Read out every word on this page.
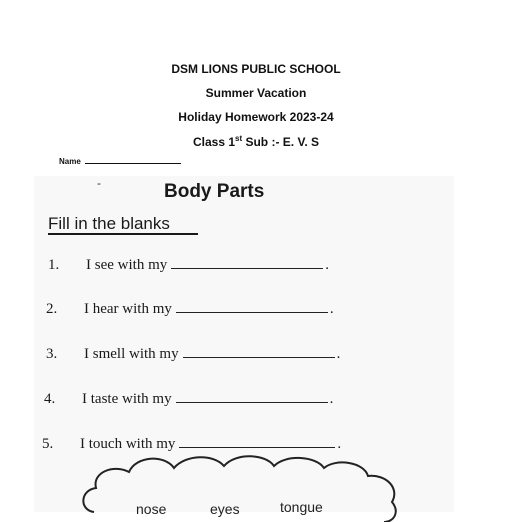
DSM LIONS PUBLIC SCHOOL
Summer Vacation
Holiday Homework 2023-24
Class 1st Sub :- E. V. S
Name
-	Body Parts
Fill in the blanks
1. I see with my	.
2. I hear with my	.
3. I smell with my	.
4. I taste with my	.
5. I touch with my	.
nose	eyes	tongue
